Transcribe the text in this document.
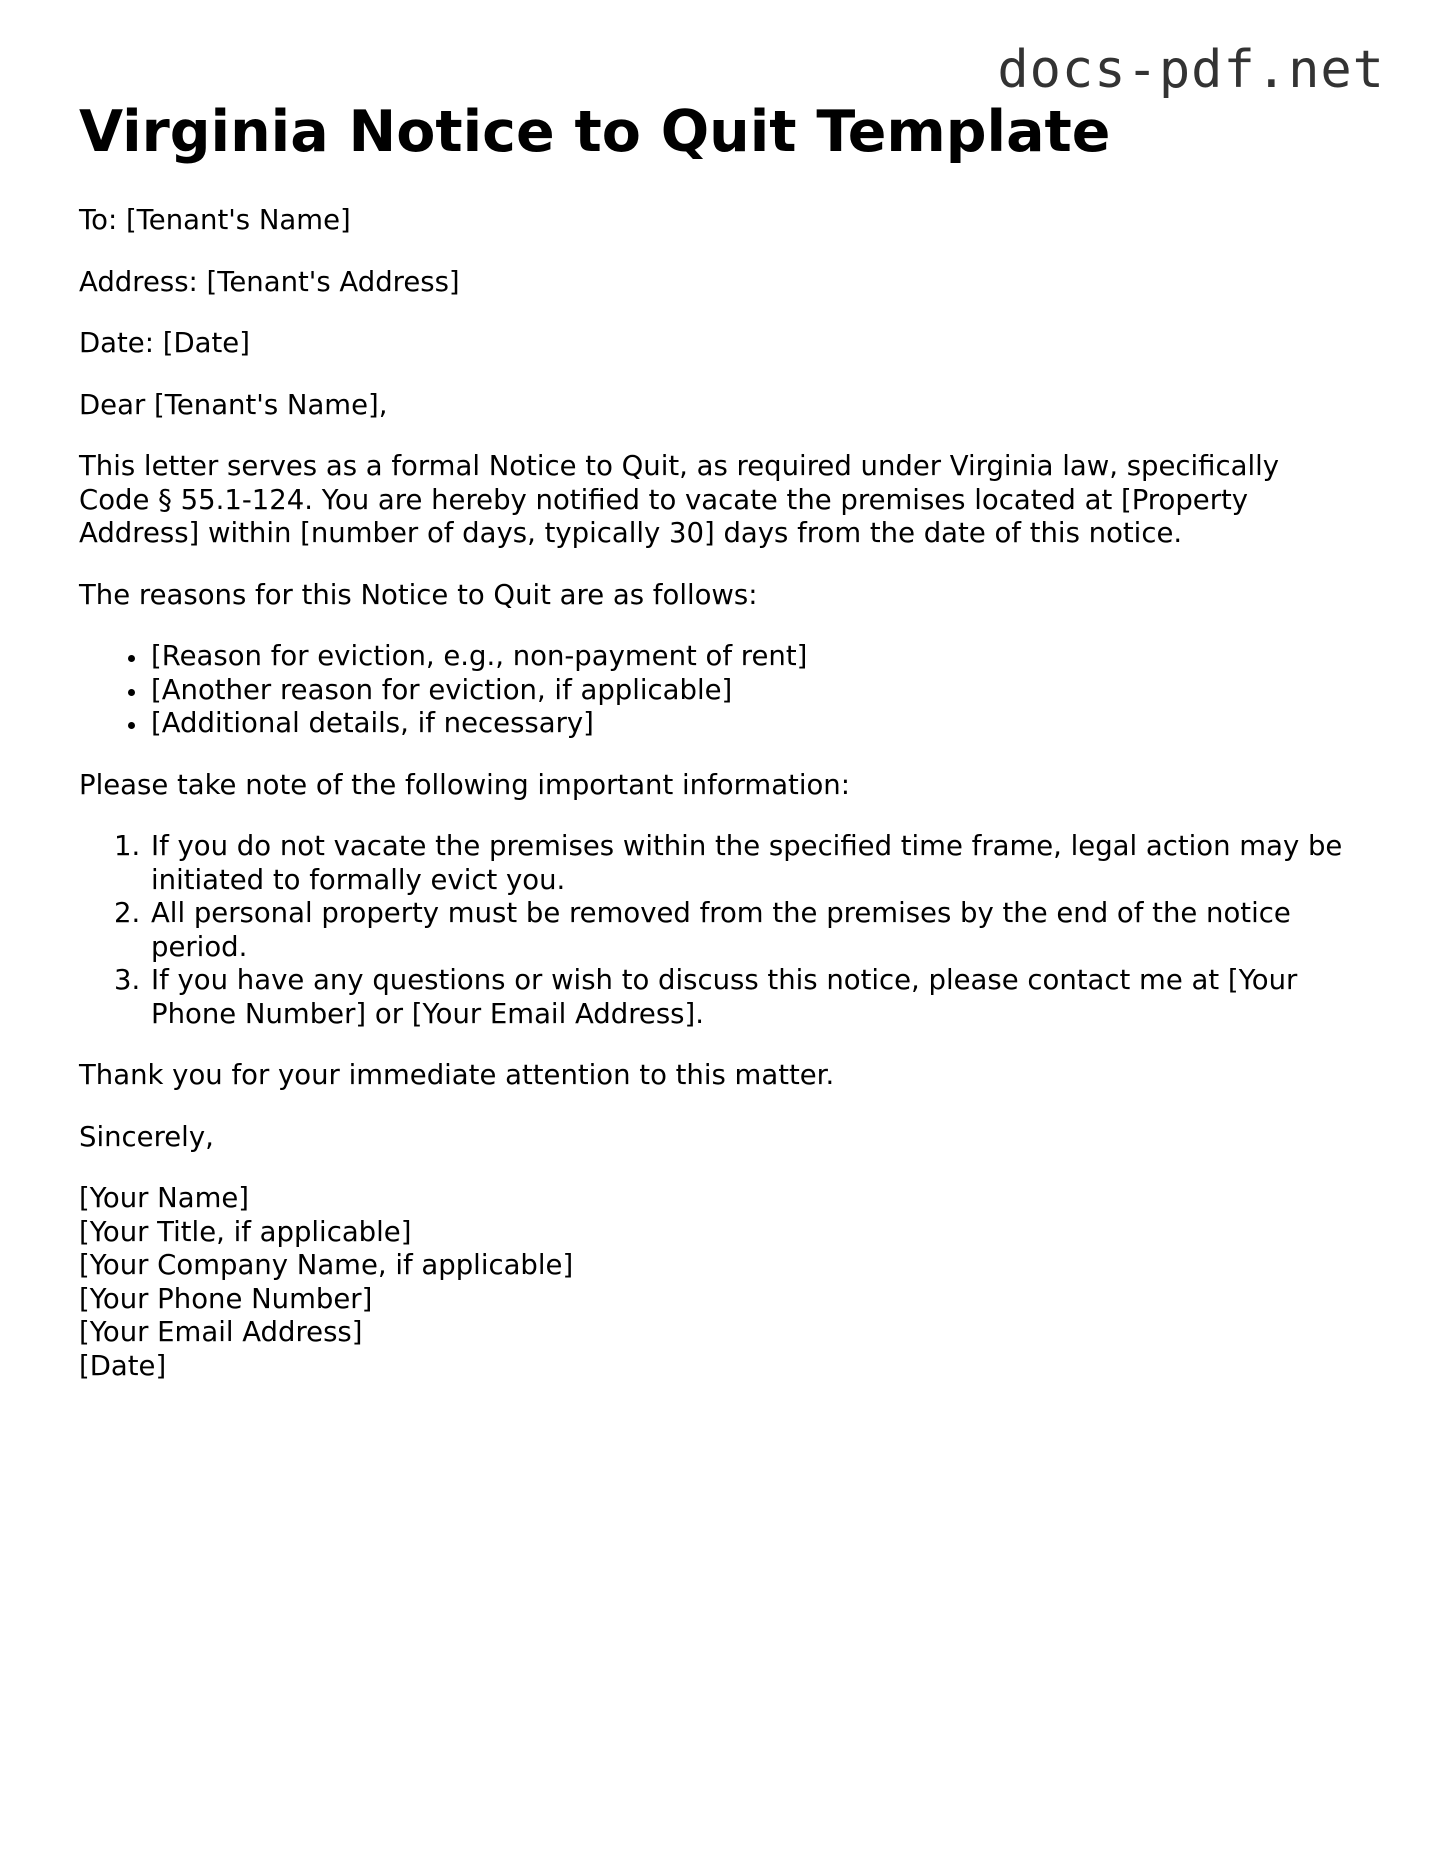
docs-pdf.net
Virginia Notice to Quit Template

To: [Tenant's Name]

Address: [Tenant's Address]

Date: [Date]

Dear [Tenant's Name],

This letter serves as a formal Notice to Quit, as required under Virginia law, specifically Code § 55.1-124. You are hereby notified to vacate the premises located at [Property Address] within [number of days, typically 30] days from the date of this notice.

The reasons for this Notice to Quit are as follows:

• [Reason for eviction, e.g., non-payment of rent]
• [Another reason for eviction, if applicable]
• [Additional details, if necessary]

Please take note of the following important information:

1. If you do not vacate the premises within the specified time frame, legal action may be initiated to formally evict you.
2. All personal property must be removed from the premises by the end of the notice period.
3. If you have any questions or wish to discuss this notice, please contact me at [Your Phone Number] or [Your Email Address].

Thank you for your immediate attention to this matter.

Sincerely,

[Your Name]

[Your Title, if applicable]

[Your Company Name, if applicable]

[Your Phone Number]

[Your Email Address]

[Date]
